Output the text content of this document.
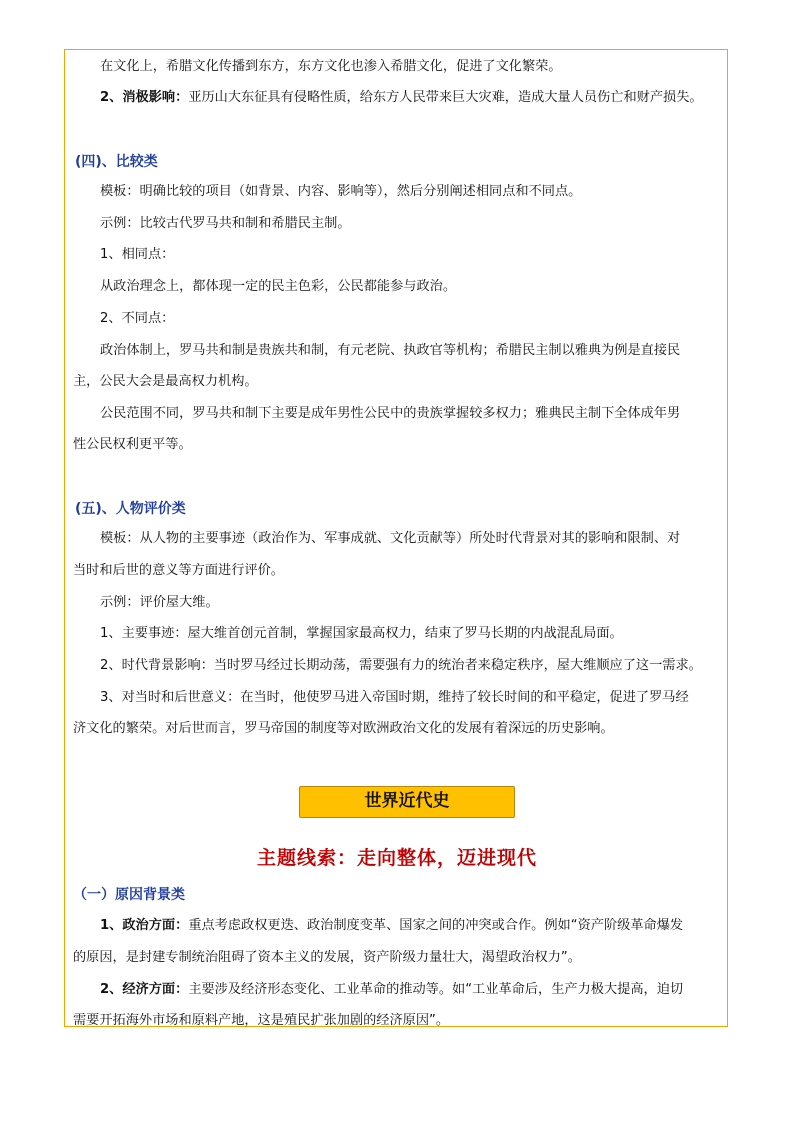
在文化上，希腊文化传播到东方，东方文化也渗入希腊文化，促进了文化繁荣。
2、消极影响：亚历山大东征具有侵略性质，给东方人民带来巨大灾难，造成大量人员伤亡和财产损失。
(四)、比较类
模板：明确比较的项目（如背景、内容、影响等），然后分别阐述相同点和不同点。
示例：比较古代罗马共和制和希腊民主制。
1、相同点：
从政治理念上，都体现一定的民主色彩，公民都能参与政治。
2、不同点：
政治体制上，罗马共和制是贵族共和制，有元老院、执政官等机构；希腊民主制以雅典为例是直接民
主，公民大会是最高权力机构。
公民范围不同，罗马共和制下主要是成年男性公民中的贵族掌握较多权力；雅典民主制下全体成年男
性公民权利更平等。
(五)、人物评价类
模板：从人物的主要事迹（政治作为、军事成就、文化贡献等）所处时代背景对其的影响和限制、对
当时和后世的意义等方面进行评价。
示例：评价屋大维。
1、主要事迹：屋大维首创元首制，掌握国家最高权力，结束了罗马长期的内战混乱局面。
2、时代背景影响：当时罗马经过长期动荡，需要强有力的统治者来稳定秩序，屋大维顺应了这一需求。
3、对当时和后世意义：在当时，他使罗马进入帝国时期，维持了较长时间的和平稳定，促进了罗马经
济文化的繁荣。对后世而言，罗马帝国的制度等对欧洲政治文化的发展有着深远的历史影响。
世界近代史
主题线索：走向整体，迈进现代
（一）原因背景类
1、政治方面：重点考虑政权更迭、政治制度变革、国家之间的冲突或合作。例如“资产阶级革命爆发
的原因，是封建专制统治阻碍了资本主义的发展，资产阶级力量壮大，渴望政治权力”。
2、经济方面：主要涉及经济形态变化、工业革命的推动等。如“工业革命后，生产力极大提高，迫切
需要开拓海外市场和原料产地，这是殖民扩张加剧的经济原因”。
